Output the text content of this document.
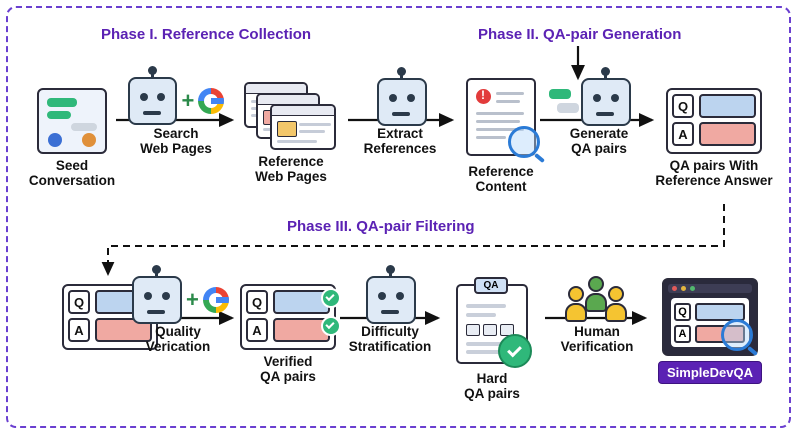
Phase I. Reference Collection	Phase II. QA-pair Generation
Phase III. QA-pair Filtering
Seed
Conversation
+
Search
Web Pages
Reference
Web Pages
Extract
References
!
Reference
Content
Generate
QA pairs
Q
A
QA pairs With
Reference Answer
Q
A
+
Quality
Verication
Q
A
Verified
QA pairs
Difficulty
Stratification
QA
Hard
QA pairs
Human
Verification
Q
A
SimpleDevQA
